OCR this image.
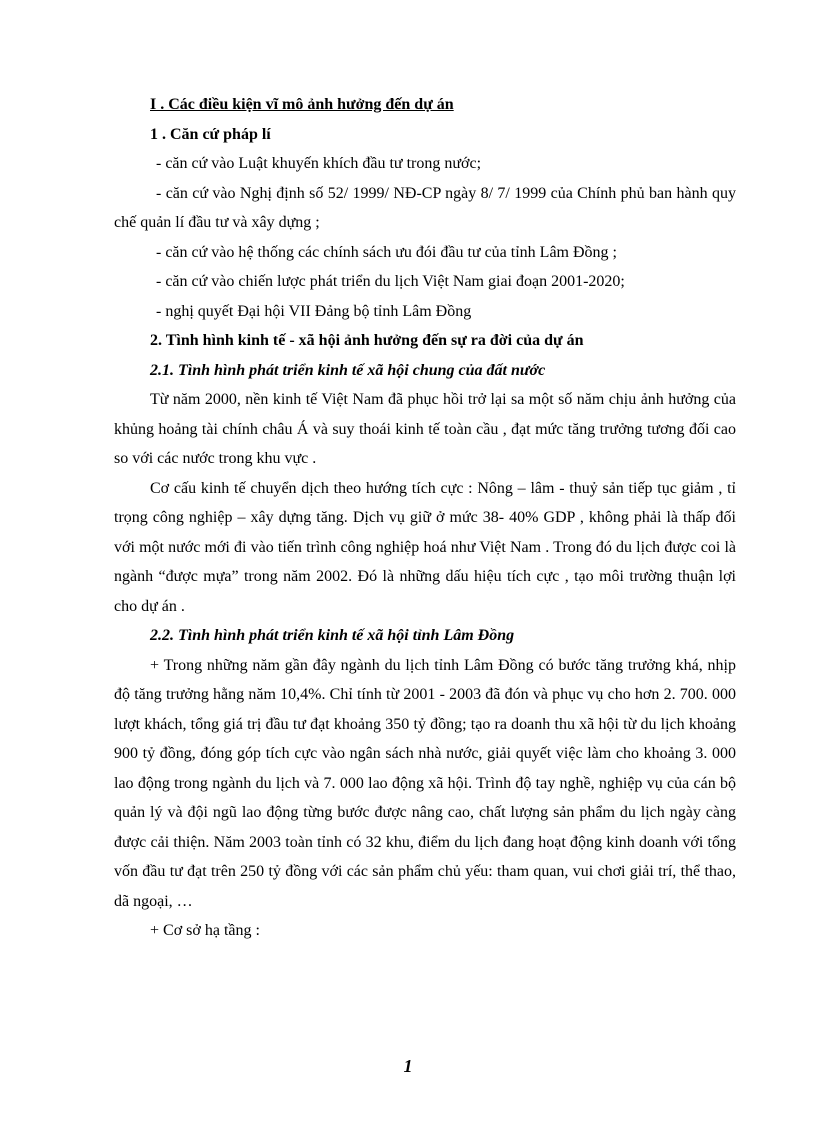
I . Các điều kiện vĩ mô ảnh hưởng đến dự án

1 . Căn cứ pháp lí

- căn cứ vào Luật khuyến khích đầu tư trong nước;

- căn cứ vào Nghị định số 52/ 1999/ NĐ-CP ngày 8/ 7/ 1999 của Chính phủ ban hành quy chế quản lí đầu tư và xây dựng ;

- căn cứ vào hệ thống các chính sách ưu đói đầu tư của tỉnh Lâm Đồng ;

- căn cứ vào chiến lược phát triển du lịch Việt Nam giai đoạn 2001-2020;

- nghị quyết Đại hội VII Đảng bộ tỉnh Lâm Đồng

2. Tình hình kinh tế - xã hội ảnh hưởng đến sự ra đời của dự án

2.1. Tình hình phát triển kinh tế xã hội chung của đất nước

Từ năm 2000, nền kinh tế Việt Nam đã phục hồi trở lại sa một số năm chịu ảnh hưởng của khủng hoảng tài chính châu Á và suy thoái kinh tế toàn cầu , đạt mức tăng trưởng tương đối cao so với các nước trong khu vực .

Cơ cấu kinh tế chuyển dịch theo hướng tích cực : Nông – lâm - thuỷ sản tiếp tục giảm , tỉ trọng công nghiệp – xây dựng tăng. Dịch vụ giữ ở mức 38- 40% GDP , không phải là thấp đối với một nước mới đi vào tiến trình công nghiệp hoá như Việt Nam . Trong đó du lịch được coi là ngành “được mựa” trong năm 2002. Đó là những dấu hiệu tích cực , tạo môi trường thuận lợi cho dự án .

2.2. Tình hình phát triển kinh tế xã hội tỉnh Lâm Đồng

+ Trong những năm gần đây ngành du lịch tỉnh Lâm Đồng có bước tăng trưởng khá, nhịp độ tăng trưởng hằng năm 10,4%. Chỉ tính từ 2001 - 2003 đã đón và phục vụ cho hơn 2. 700. 000 lượt khách, tổng giá trị đầu tư đạt khoảng 350 tỷ đồng; tạo ra doanh thu xã hội từ du lịch khoảng 900 tỷ đồng, đóng góp tích cực vào ngân sách nhà nước, giải quyết việc làm cho khoảng 3. 000 lao động trong ngành du lịch và 7. 000 lao động xã hội. Trình độ tay nghề, nghiệp vụ của cán bộ quản lý và đội ngũ lao động từng bước được nâng cao, chất lượng sản phẩm du lịch ngày càng được cải thiện. Năm 2003 toàn tỉnh có 32 khu, điểm du lịch đang hoạt động kinh doanh với tổng vốn đầu tư đạt trên 250 tỷ đồng với các sản phẩm chủ yếu: tham quan, vui chơi giải trí, thể thao, dã ngoại, …

+ Cơ sở hạ tầng :

1
